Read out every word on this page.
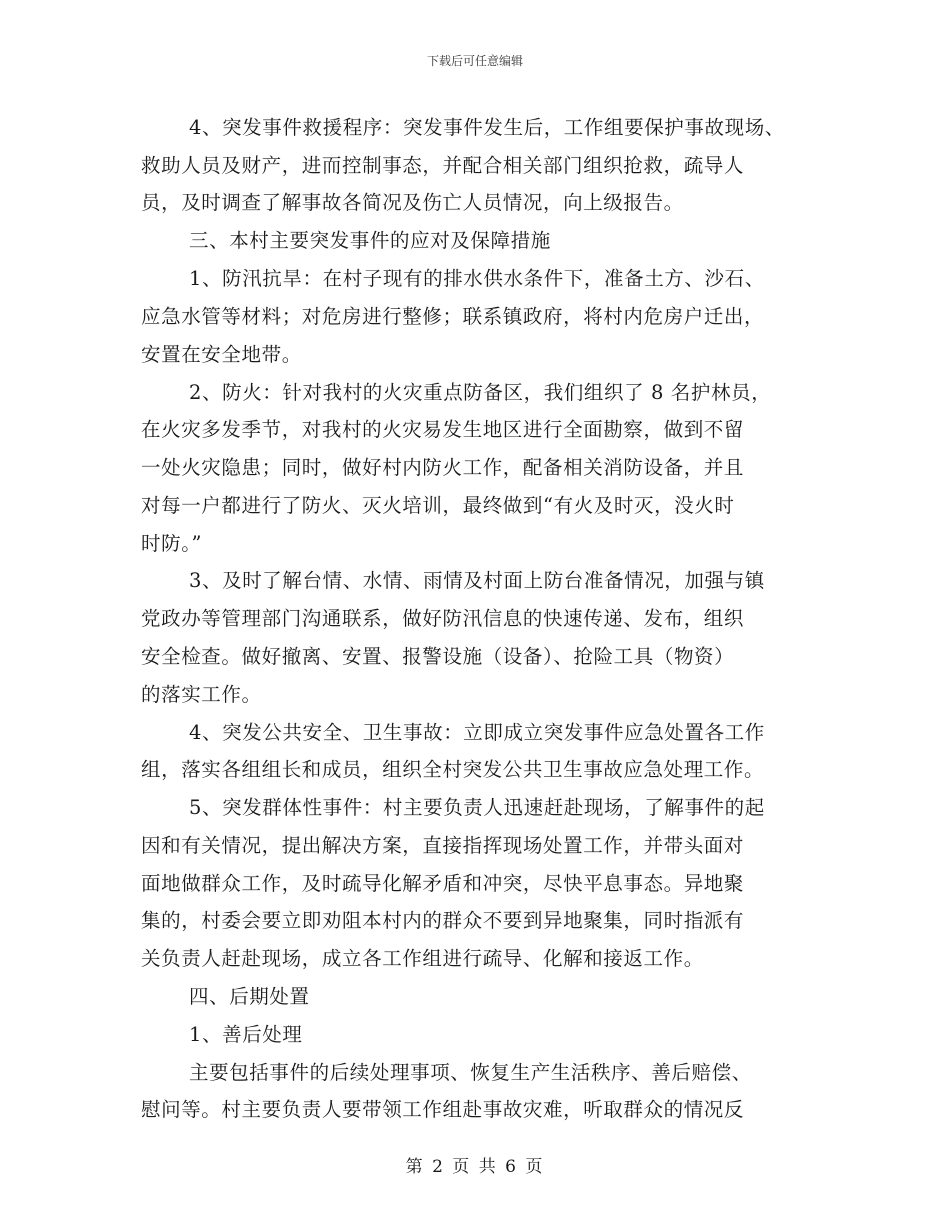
下载后可任意编辑
4、突发事件救援程序：突发事件发生后，工作组要保护事故现场、
救助人员及财产，进而控制事态，并配合相关部门组织抢救，疏导人
员，及时调查了解事故各简况及伤亡人员情况，向上级报告。
三、本村主要突发事件的应对及保障措施
1、防汛抗旱：在村子现有的排水供水条件下，准备土方、沙石、
应急水管等材料；对危房进行整修；联系镇政府，将村内危房户迁出，
安置在安全地带。
2、防火：针对我村的火灾重点防备区，我们组织了 8 名护林员，
在火灾多发季节，对我村的火灾易发生地区进行全面勘察，做到不留
一处火灾隐患；同时，做好村内防火工作，配备相关消防设备，并且
对每一户都进行了防火、灭火培训，最终做到“有火及时灭，没火时
时防。”
3、及时了解台情、水情、雨情及村面上防台准备情况，加强与镇
党政办等管理部门沟通联系，做好防汛信息的快速传递、发布，组织
安全检查。做好撤离、安置、报警设施（设备）、抢险工具（物资）
的落实工作。
4、突发公共安全、卫生事故：立即成立突发事件应急处置各工作
组，落实各组组长和成员，组织全村突发公共卫生事故应急处理工作。
5、突发群体性事件：村主要负责人迅速赶赴现场，了解事件的起
因和有关情况，提出解决方案，直接指挥现场处置工作，并带头面对
面地做群众工作，及时疏导化解矛盾和冲突，尽快平息事态。异地聚
集的，村委会要立即劝阻本村内的群众不要到异地聚集，同时指派有
关负责人赶赴现场，成立各工作组进行疏导、化解和接返工作。
四、后期处置
1、善后处理
主要包括事件的后续处理事项、恢复生产生活秩序、善后赔偿、
慰问等。村主要负责人要带领工作组赴事故灾难，听取群众的情况反
第 2 页 共 6 页
